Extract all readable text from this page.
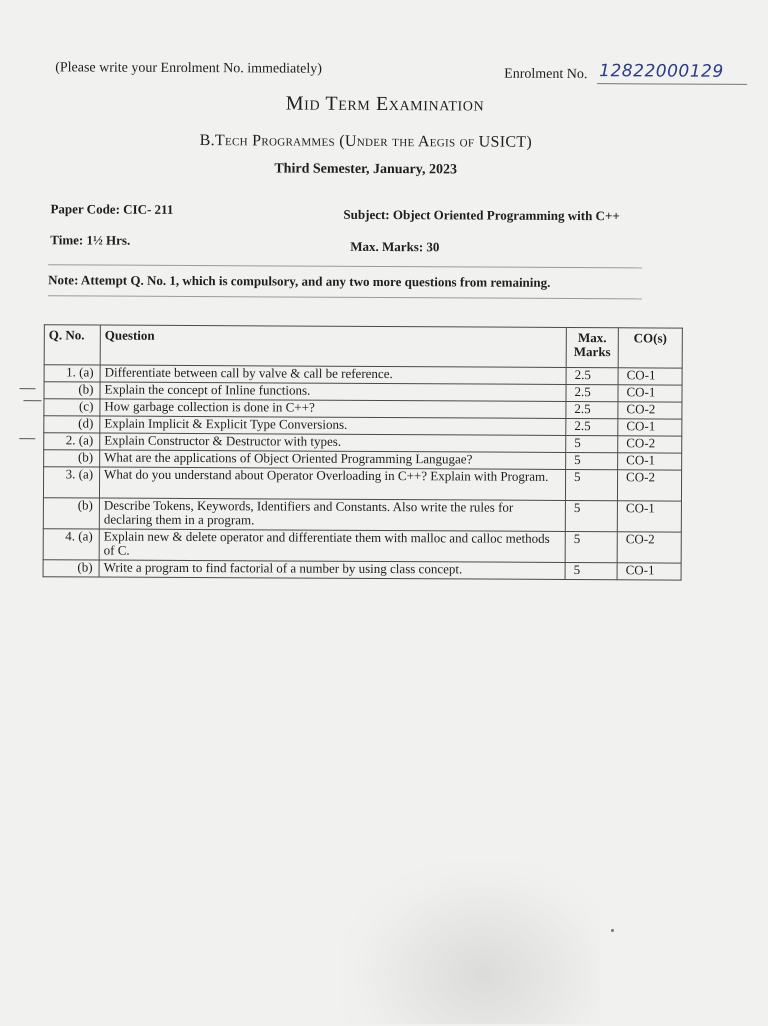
(Please write your Enrolment No. immediately)	Enrolment No. 12822000129
Mid Term Examination
B.Tech Programmes (Under the Aegis of USICT)
Third Semester, January, 2023
Paper Code: CIC- 211	Subject: Object Oriented Programming with C++
Time: 1½ Hrs.	Max. Marks: 30
Note: Attempt Q. No. 1, which is compulsory, and any two more questions from remaining.
Q. No.	Question	Max. Marks	CO(s)
1. (a)	Differentiate between call by valve & call be reference.	2.5	CO-1
(b)	Explain the concept of Inline functions.	2.5	CO-1
(c)	How garbage collection is done in C++?	2.5	CO-2
(d)	Explain Implicit & Explicit Type Conversions.	2.5	CO-1
2. (a)	Explain Constructor & Destructor with types.	5	CO-2
(b)	What are the applications of Object Oriented Programming Langugae?	5	CO-1
3. (a)	What do you understand about Operator Overloading in C++? Explain with Program.	5	CO-2
(b)	Describe Tokens, Keywords, Identifiers and Constants. Also write the rules for declaring them in a program.	5	CO-1
4. (a)	Explain new & delete operator and differentiate them with malloc and calloc methods of C.	5	CO-2
(b)	Write a program to find factorial of a number by using class concept.	5	CO-1
